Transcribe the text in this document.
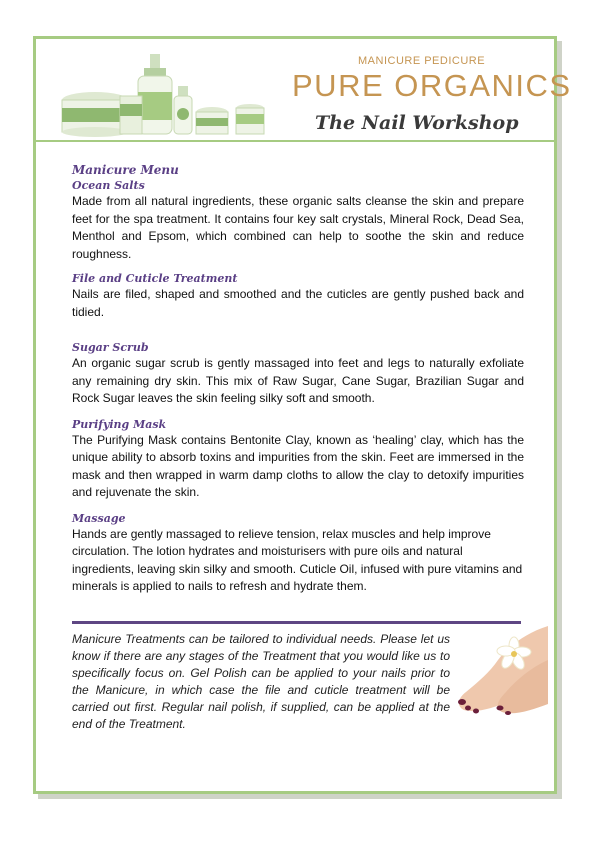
MANICURE PEDICURE
PURE ORGANICS
The Nail Workshop

Manicure Menu

Ocean Salts

Made from all natural ingredients, these organic salts cleanse the skin and prepare feet for the spa treatment. It contains four key salt crystals, Mineral Rock, Dead Sea, Menthol and Epsom, which combined can help to soothe the skin and reduce roughness.

File and Cuticle Treatment

Nails are filed, shaped and smoothed and the cuticles are gently pushed back and tidied.

Sugar Scrub

An organic sugar scrub is gently massaged into feet and legs to naturally exfoliate any remaining dry skin. This mix of Raw Sugar, Cane Sugar, Brazilian Sugar and Rock Sugar leaves the skin feeling silky soft and smooth.

Purifying Mask

The Purifying Mask contains Bentonite Clay, known as ‘healing’ clay, which has the unique ability to absorb toxins and impurities from the skin. Feet are immersed in the mask and then wrapped in warm damp cloths to allow the clay to detoxify impurities and rejuvenate the skin.

Massage

Hands are gently massaged to relieve tension, relax muscles and help improve circulation. The lotion hydrates and moisturisers with pure oils and natural ingredients, leaving skin silky and smooth. Cuticle Oil, infused with pure vitamins and minerals is applied to nails to refresh and hydrate them.

Manicure Treatments can be tailored to individual needs. Please let us know if there are any stages of the Treatment that you would like us to specifically focus on. Gel Polish can be applied to your nails prior to the Manicure, in which case the file and cuticle treatment will be carried out first. Regular nail polish, if supplied, can be applied at the end of the Treatment.
